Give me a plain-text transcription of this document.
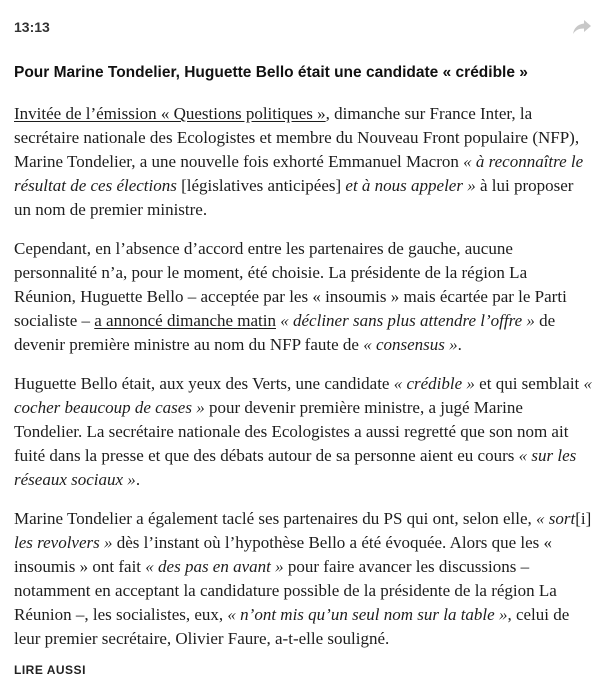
13:13
Pour Marine Tondelier, Huguette Bello était une candidate « crédible »

Invitée de l’émission « Questions politiques », dimanche sur France Inter, la secrétaire nationale des Ecologistes et membre du Nouveau Front populaire (NFP), Marine Tondelier, a une nouvelle fois exhorté Emmanuel Macron « à reconnaître le résultat de ces élections [législatives anticipées] et à nous appeler » à lui proposer un nom de premier ministre.

Cependant, en l’absence d’accord entre les partenaires de gauche, aucune personnalité n’a, pour le moment, été choisie. La présidente de la région La Réunion, Huguette Bello – acceptée par les « insoumis » mais écartée par le Parti socialiste – a annoncé dimanche matin « décliner sans plus attendre l’offre » de devenir première ministre au nom du NFP faute de « consensus ».

Huguette Bello était, aux yeux des Verts, une candidate « crédible » et qui semblait « cocher beaucoup de cases » pour devenir première ministre, a jugé Marine Tondelier. La secrétaire nationale des Ecologistes a aussi regretté que son nom ait fuité dans la presse et que des débats autour de sa personne aient eu cours « sur les réseaux sociaux ».

Marine Tondelier a également taclé ses partenaires du PS qui ont, selon elle, « sort[i] les revolvers » dès l’instant où l’hypothèse Bello a été évoquée. Alors que les « insoumis » ont fait « des pas en avant » pour faire avancer les discussions – notamment en acceptant la candidature possible de la présidente de la région La Réunion –, les socialistes, eux, « n’ont mis qu’un seul nom sur la table », celui de leur premier secrétaire, Olivier Faure, a-t-elle souligné.

LIRE AUSSI
